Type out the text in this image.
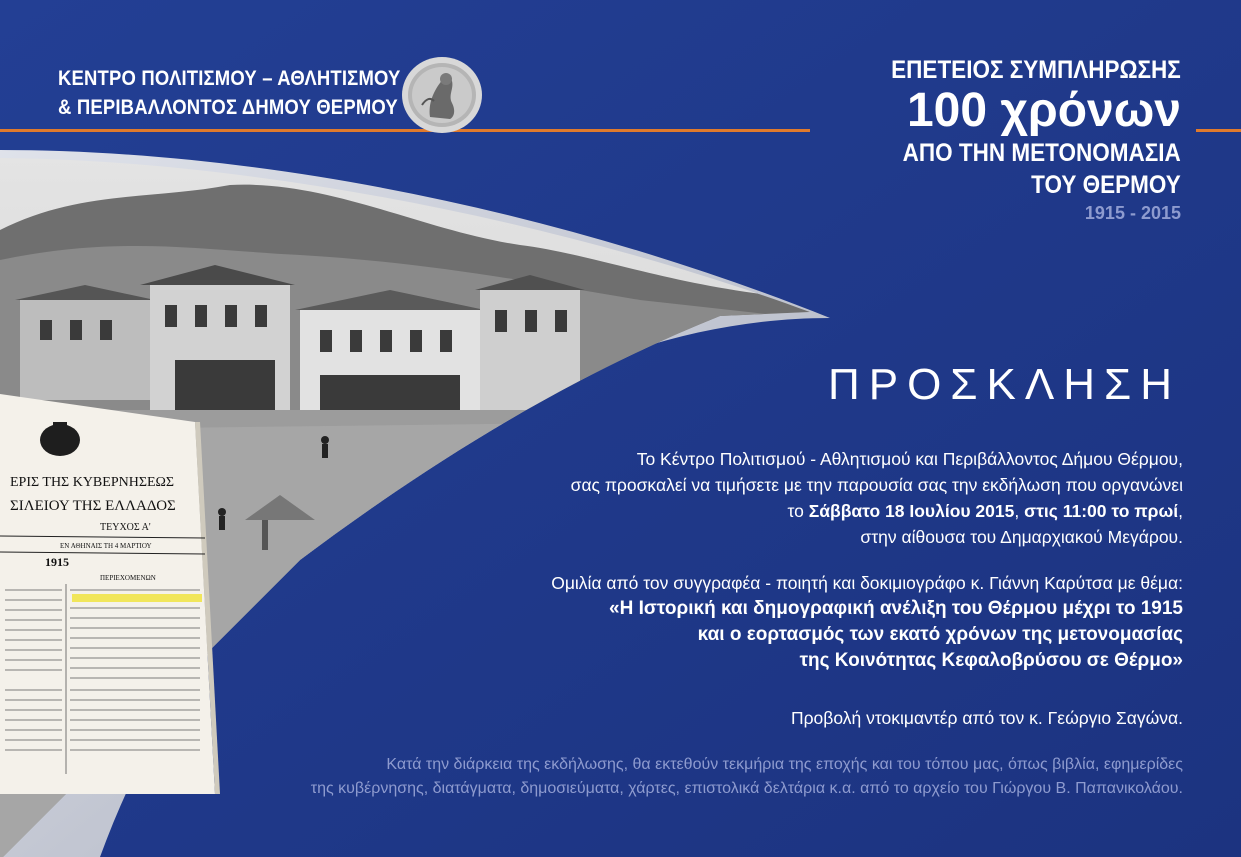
ΕΡΙΣ ΤΗΣ ΚΥΒΕΡΝΗΣΕΩΣ
ΣΙΛΕΙΟΥ ΤΗΣ ΕΛΛΑΔΟΣ
ΤΕΥΧΟΣ Α'
ΕΝ ΑΘΗΝΑΙΣ ΤΗ 4 ΜΑΡΤΙΟΥ
1915
ΠΕΡΙΕΧΟΜΕΝΩΝ
ΚΕΝΤΡΟ ΠΟΛΙΤΙΣΜΟΥ – ΑΘΛΗΤΙΣΜΟΥ
& ΠΕΡΙΒΑΛΛΟΝΤΟΣ ΔΗΜΟΥ ΘΕΡΜΟΥ
ΕΠΕΤΕΙΟΣ ΣΥΜΠΛΗΡΩΣΗΣ
100 χρόνων
ΑΠΟ ΤΗΝ ΜΕΤΟΝΟΜΑΣΙΑ
ΤΟΥ ΘΕΡΜΟΥ
1915 - 2015
ΠΡΟΣΚΛΗΣΗ
Το Κέντρο Πολιτισμού - Αθλητισμού και Περιβάλλοντος Δήμου Θέρμου,
σας προσκαλεί να τιμήσετε με την παρουσία σας την εκδήλωση που οργανώνει
το Σάββατο 18 Ιουλίου 2015, στις 11:00 το πρωί,
στην αίθουσα του Δημαρχιακού Μεγάρου.
Ομιλία από τον συγγραφέα - ποιητή και δοκιμιογράφο κ. Γιάννη Καρύτσα με θέμα:
«Η Ιστορική και δημογραφική ανέλιξη του Θέρμου μέχρι το 1915
και ο εορτασμός των εκατό χρόνων της μετονομασίας
της Κοινότητας Κεφαλοβρύσου σε Θέρμο»
Προβολή ντοκιμαντέρ από τον κ. Γεώργιο Σαγώνα.
Κατά την διάρκεια της εκδήλωσης, θα εκτεθούν τεκμήρια της εποχής και του τόπου μας, όπως βιβλία, εφημερίδες
της κυβέρνησης, διατάγματα, δημοσιεύματα, χάρτες, επιστολικά δελτάρια κ.α. από το αρχείο του Γιώργου Β. Παπανικολάου.
